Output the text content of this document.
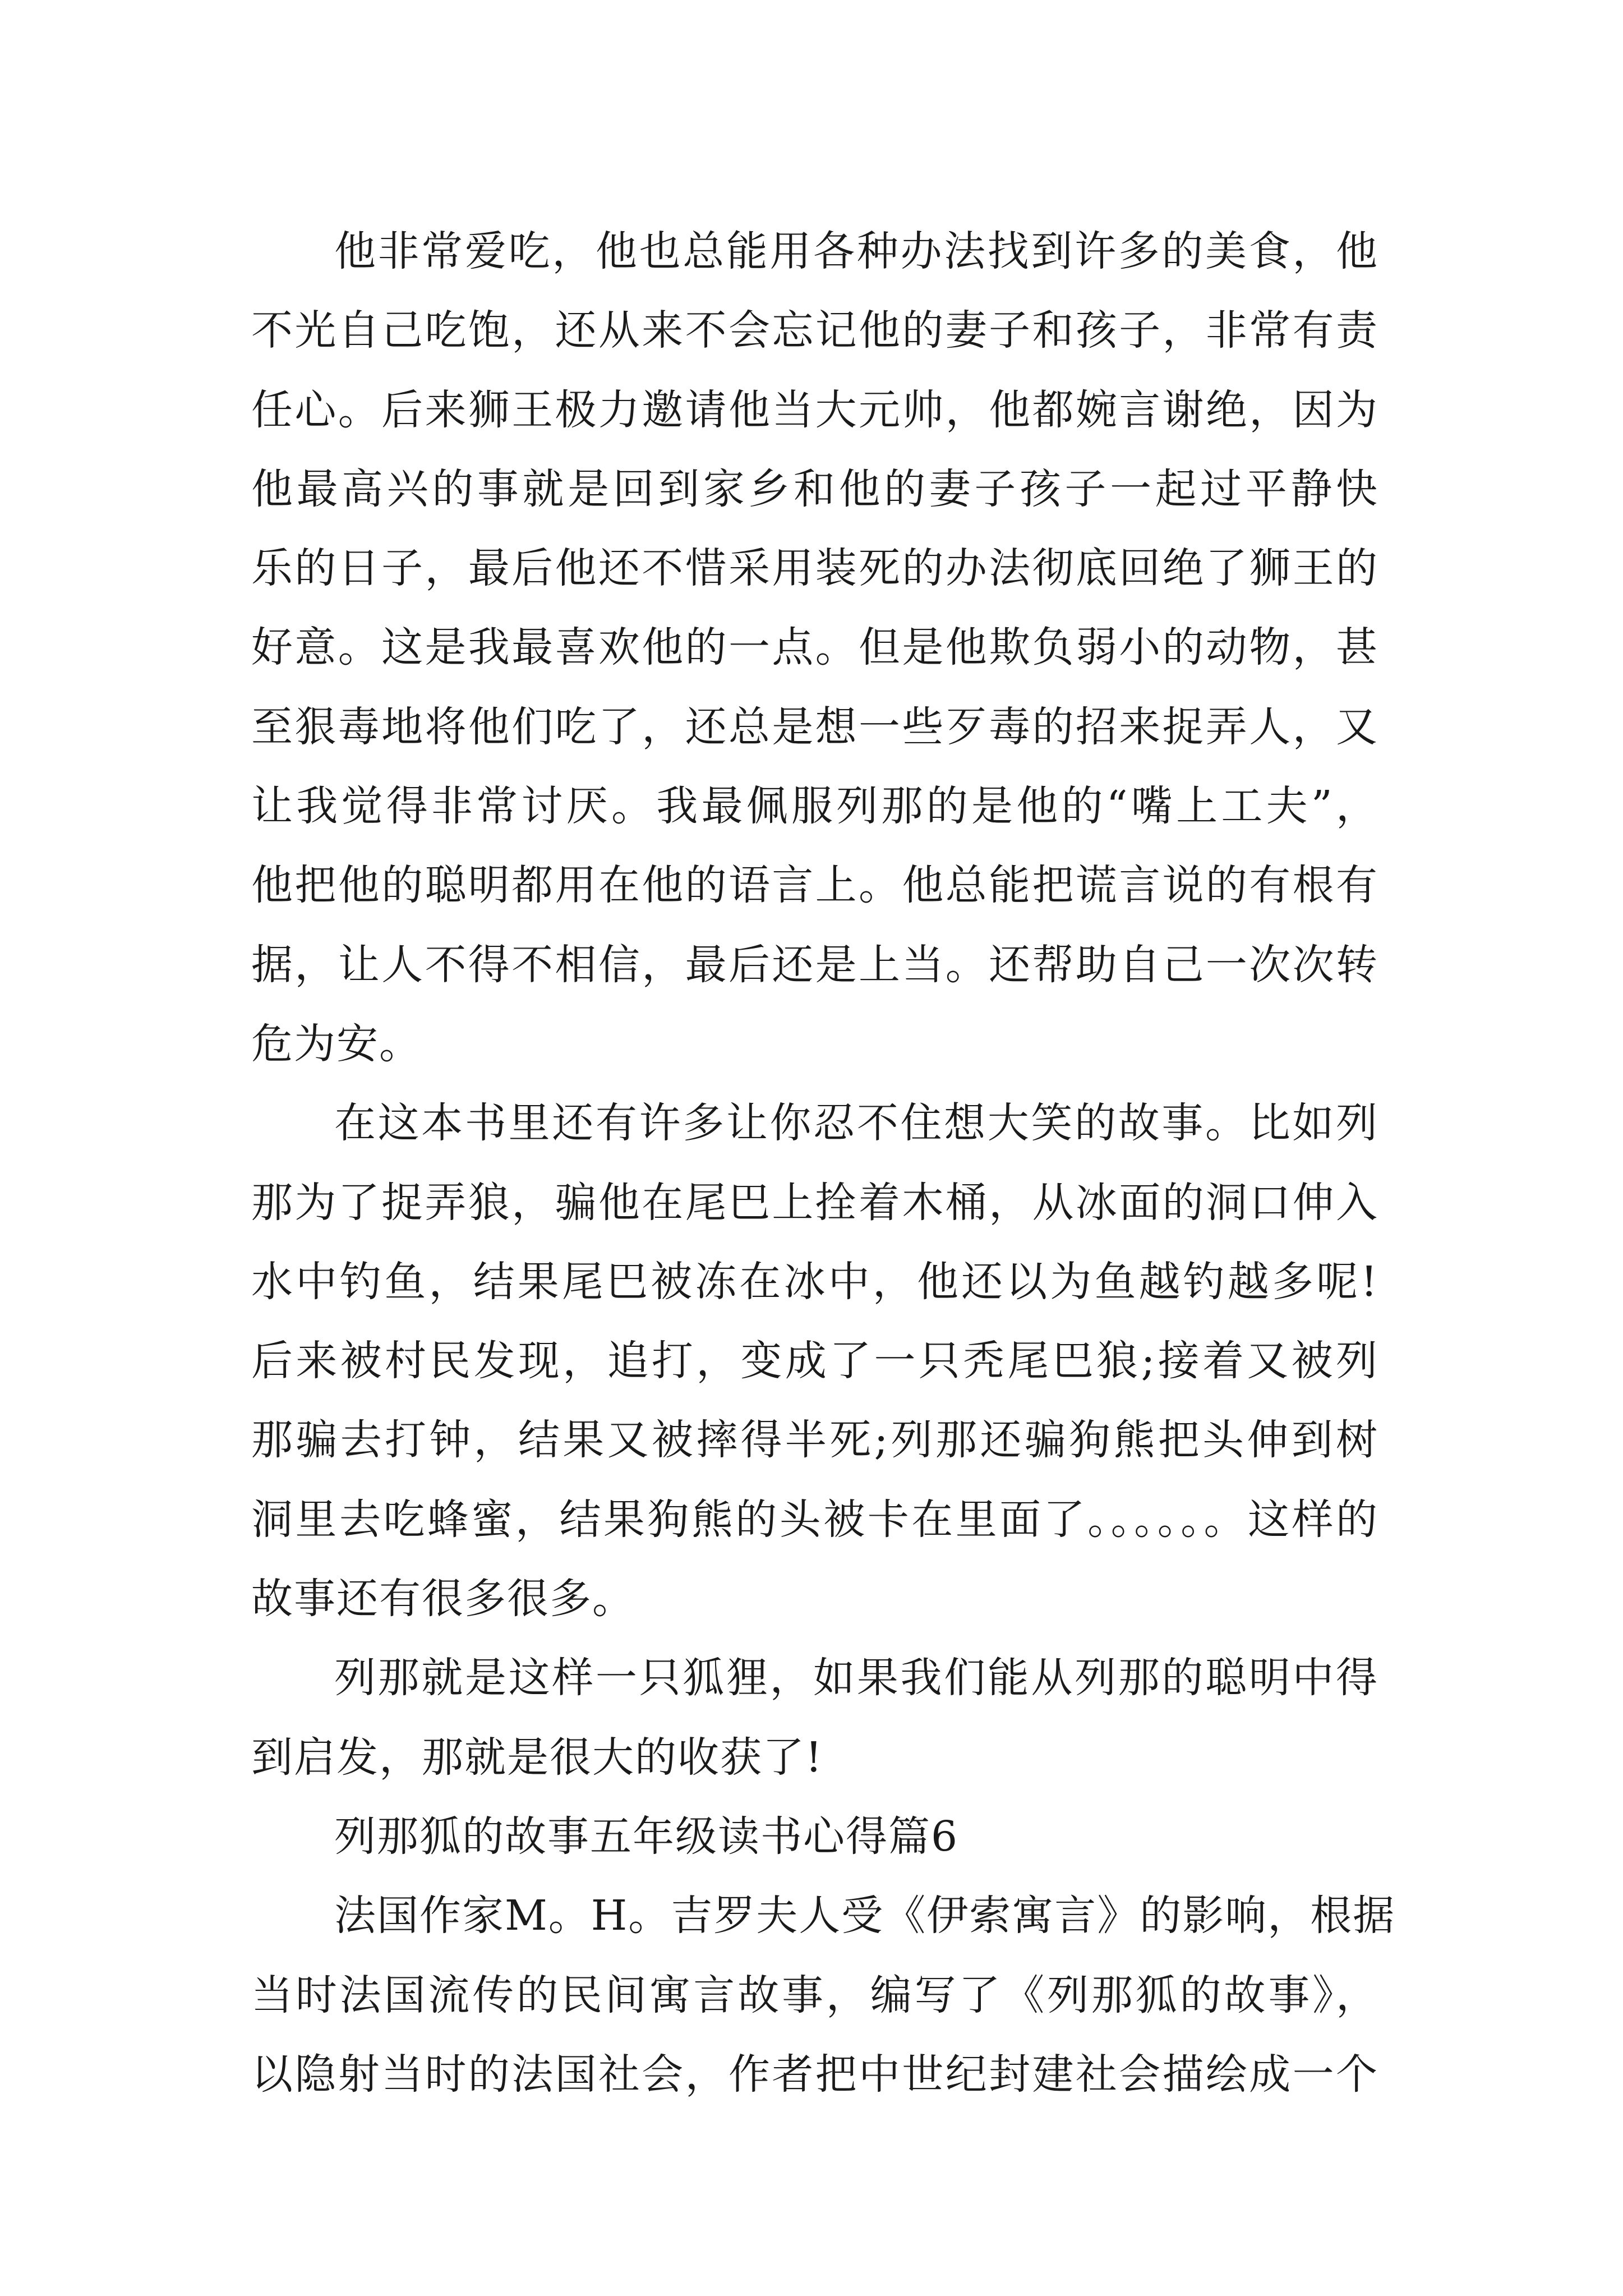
他非常爱吃，他也总能用各种办法找到许多的美食，他
不光自己吃饱，还从来不会忘记他的妻子和孩子，非常有责
任心。后来狮王极力邀请他当大元帅，他都婉言谢绝，因为
他最高兴的事就是回到家乡和他的妻子孩子一起过平静快
乐的日子，最后他还不惜采用装死的办法彻底回绝了狮王的
好意。这是我最喜欢他的一点。但是他欺负弱小的动物，甚
至狠毒地将他们吃了，还总是想一些歹毒的招来捉弄人，又
让我觉得非常讨厌。我最佩服列那的是他的“嘴上工夫”，
他把他的聪明都用在他的语言上。他总能把谎言说的有根有
据，让人不得不相信，最后还是上当。还帮助自己一次次转
危为安。

在这本书里还有许多让你忍不住想大笑的故事。比如列
那为了捉弄狼，骗他在尾巴上拴着木桶，从冰面的洞口伸入
水中钓鱼，结果尾巴被冻在冰中，他还以为鱼越钓越多呢!
后来被村民发现，追打，变成了一只秃尾巴狼;接着又被列
那骗去打钟，结果又被摔得半死;列那还骗狗熊把头伸到树
洞里去吃蜂蜜，结果狗熊的头被卡在里面了。。。。。。这样的
故事还有很多很多。

列那就是这样一只狐狸，如果我们能从列那的聪明中得
到启发，那就是很大的收获了!

列那狐的故事五年级读书心得篇6

法国作家M。H。吉罗夫人受《伊索寓言》的影响，根据
当时法国流传的民间寓言故事，编写了《列那狐的故事》，
以隐射当时的法国社会，作者把中世纪封建社会描绘成一个
